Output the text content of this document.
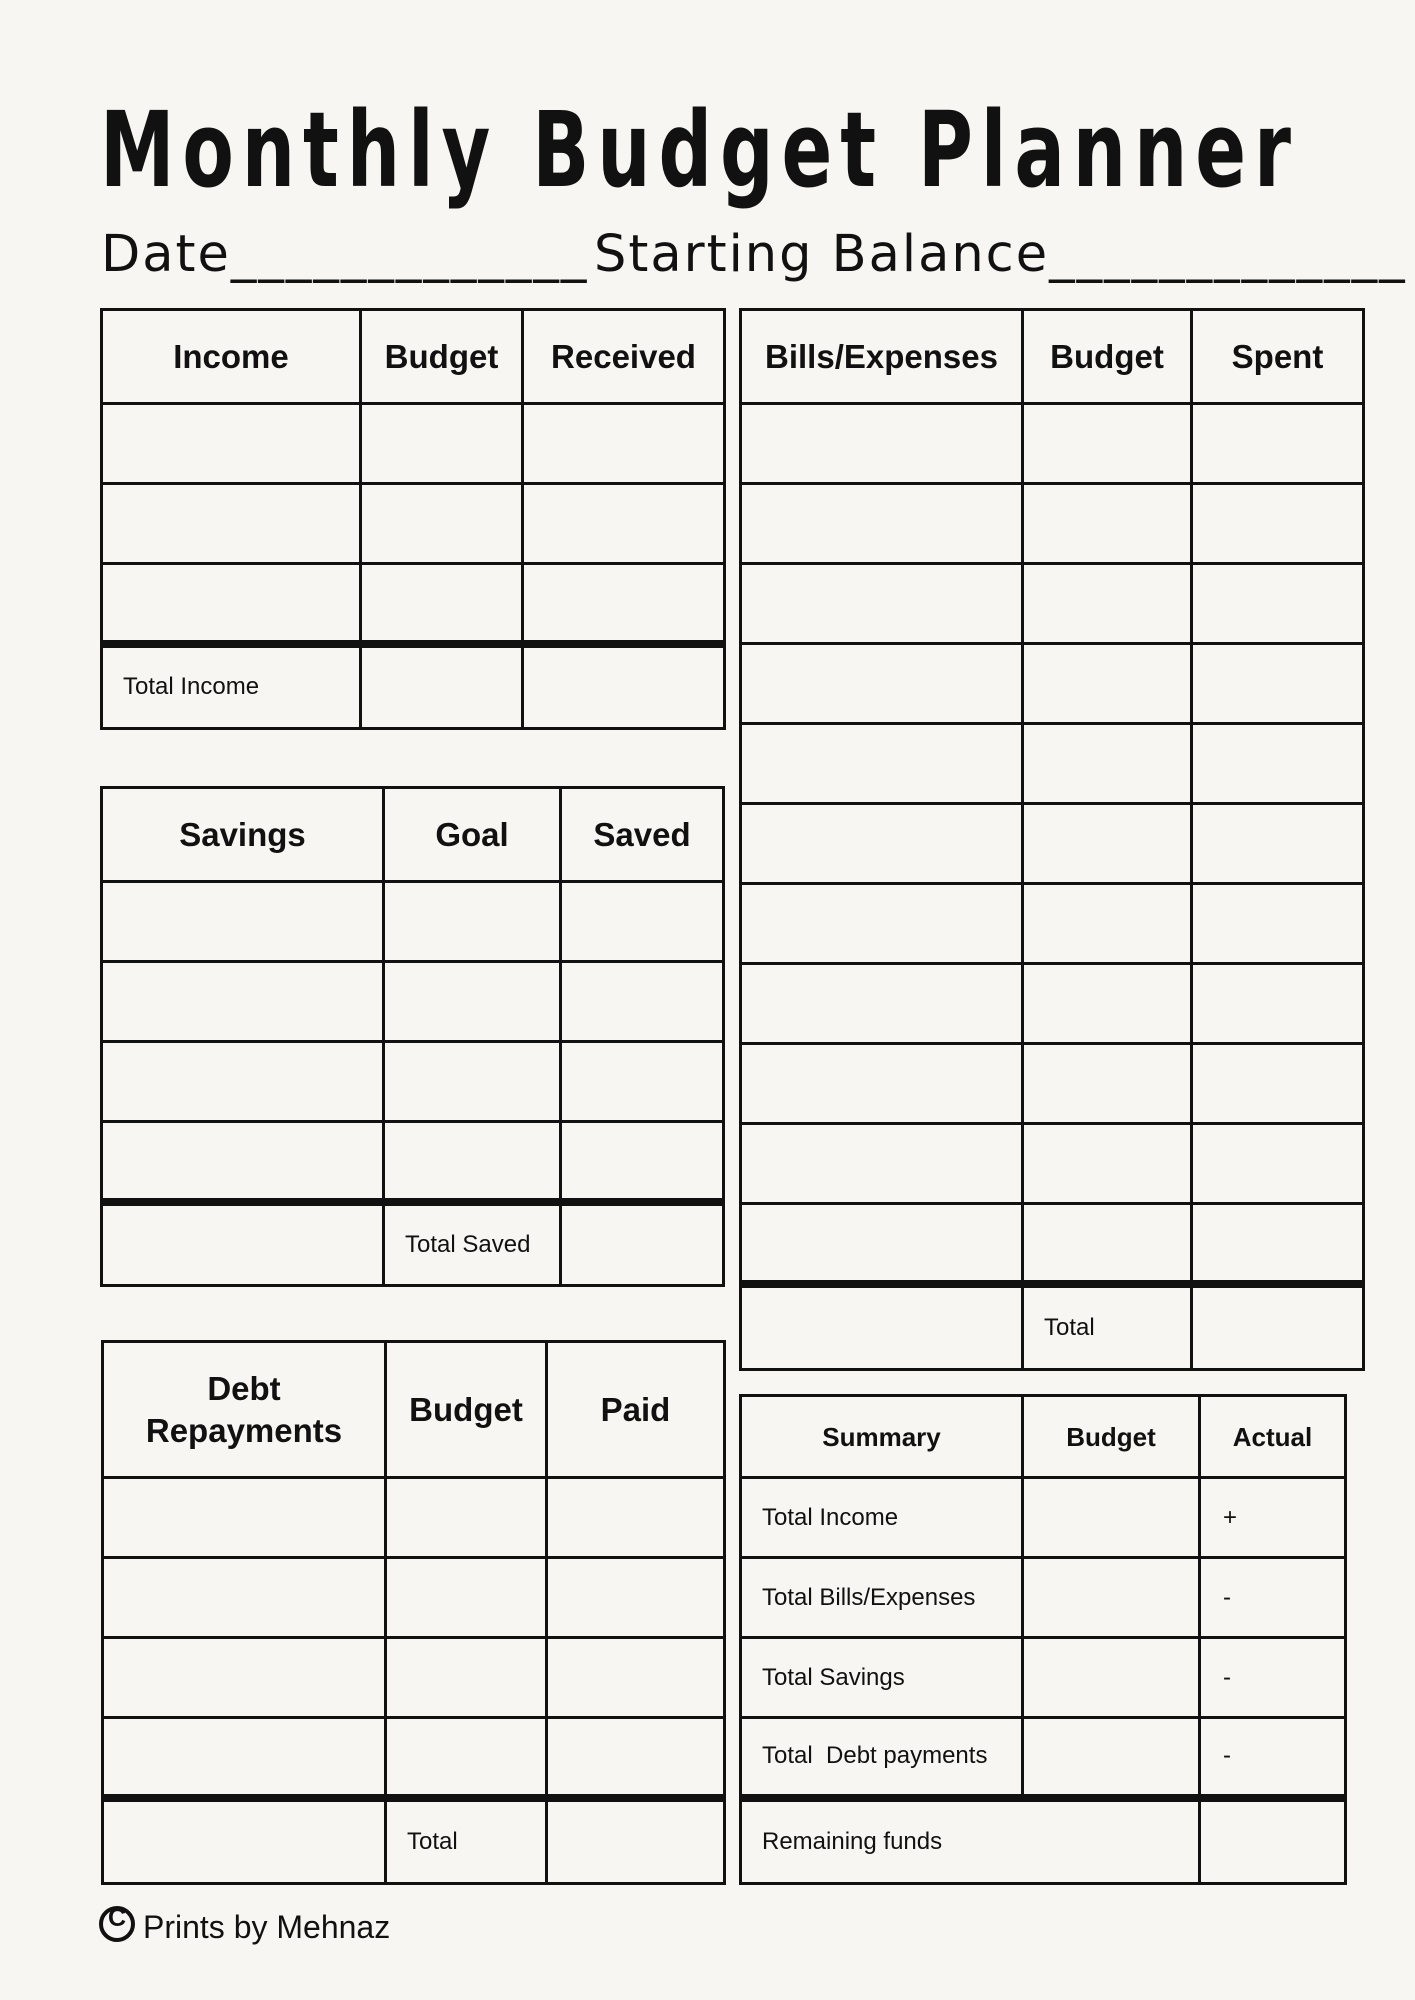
Monthly Budget Planner
Date_____________ Starting Balance_____________
Income	Budget	Received

Total Income		
Savings	Goal	Saved

	Total Saved	
Debt Repayments	Budget	Paid

	Total	
Bills/Expenses	Budget	Spent

	Total	
Summary	Budget	Actual
Total Income		+
Total Bills/Expenses		-
Total Savings		-
Total  Debt payments		-
Remaining funds		
C Prints by Mehnaz
